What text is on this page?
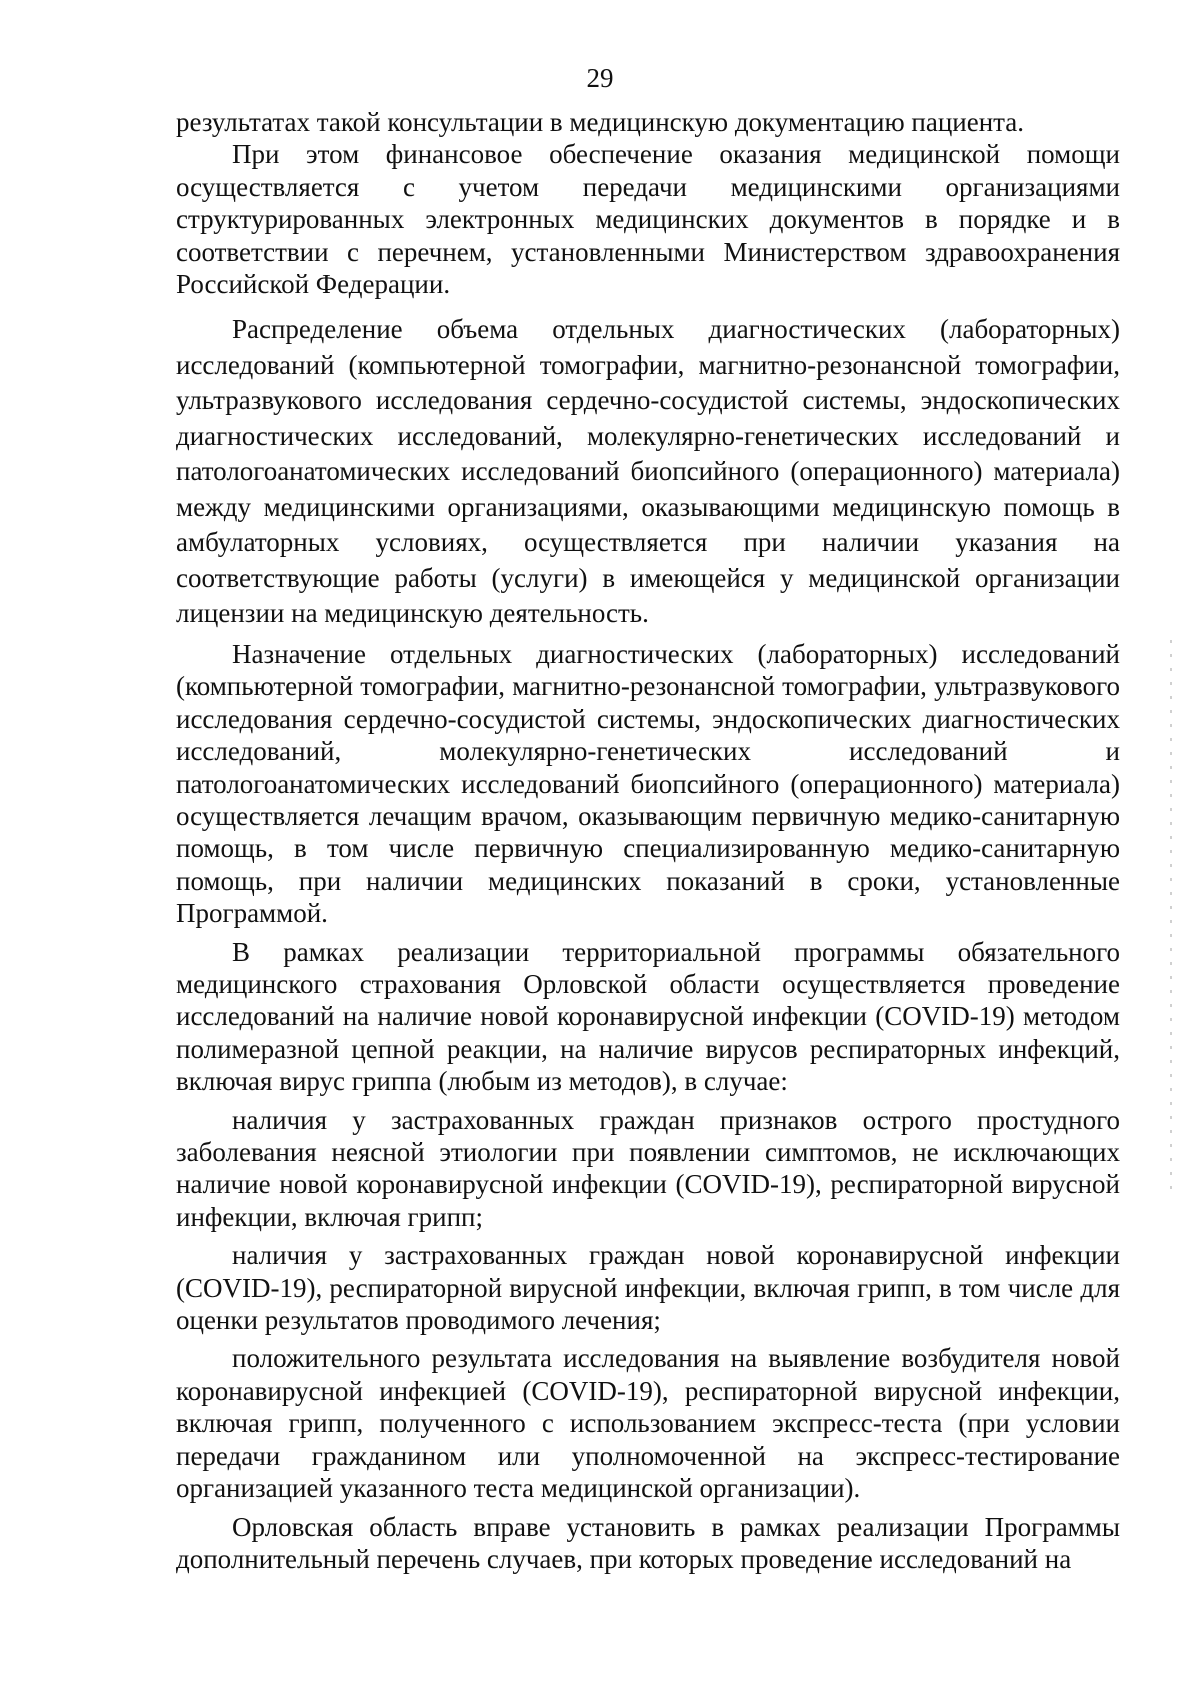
29

результатах такой консультации в медицинскую документацию пациента.

При этом финансовое обеспечение оказания медицинской помощи осуществляется с учетом передачи медицинскими организациями структурированных электронных медицинских документов в порядке и в соответствии с перечнем, установленными Министерством здравоохранения Российской Федерации.

Распределение объема отдельных диагностических (лабораторных) исследований (компьютерной томографии, магнитно-резонансной томографии, ультразвукового исследования сердечно-сосудистой системы, эндоскопических диагностических исследований, молекулярно-генетических исследований и патологоанатомических исследований биопсийного (операционного) материала) между медицинскими организациями, оказывающими медицинскую помощь в амбулаторных условиях, осуществляется при наличии указания на соответствующие работы (услуги) в имеющейся у медицинской организации лицензии на медицинскую деятельность.

Назначение отдельных диагностических (лабораторных) исследований (компьютерной томографии, магнитно-резонансной томографии, ультразвукового исследования сердечно-сосудистой системы, эндоскопических диагностических исследований, молекулярно-генетических исследований и патологоанатомических исследований биопсийного (операционного) материала) осуществляется лечащим врачом, оказывающим первичную медико-санитарную помощь, в том числе первичную специализированную медико-санитарную помощь, при наличии медицинских показаний в сроки, установленные Программой.

В рамках реализации территориальной программы обязательного медицинского страхования Орловской области осуществляется проведение исследований на наличие новой коронавирусной инфекции (COVID-19) методом полимеразной цепной реакции, на наличие вирусов респираторных инфекций, включая вирус гриппа (любым из методов), в случае:

наличия у застрахованных граждан признаков острого простудного заболевания неясной этиологии при появлении симптомов, не исключающих наличие новой коронавирусной инфекции (COVID-19), респираторной вирусной инфекции, включая грипп;

наличия у застрахованных граждан новой коронавирусной инфекции (COVID-19), респираторной вирусной инфекции, включая грипп, в том числе для оценки результатов проводимого лечения;

положительного результата исследования на выявление возбудителя новой коронавирусной инфекцией (COVID-19), респираторной вирусной инфекции, включая грипп, полученного с использованием экспресс-теста (при условии передачи гражданином или уполномоченной на экспресс-тестирование организацией указанного теста медицинской организации).

Орловская область вправе установить в рамках реализации Программы дополнительный перечень случаев, при которых проведение исследований на
